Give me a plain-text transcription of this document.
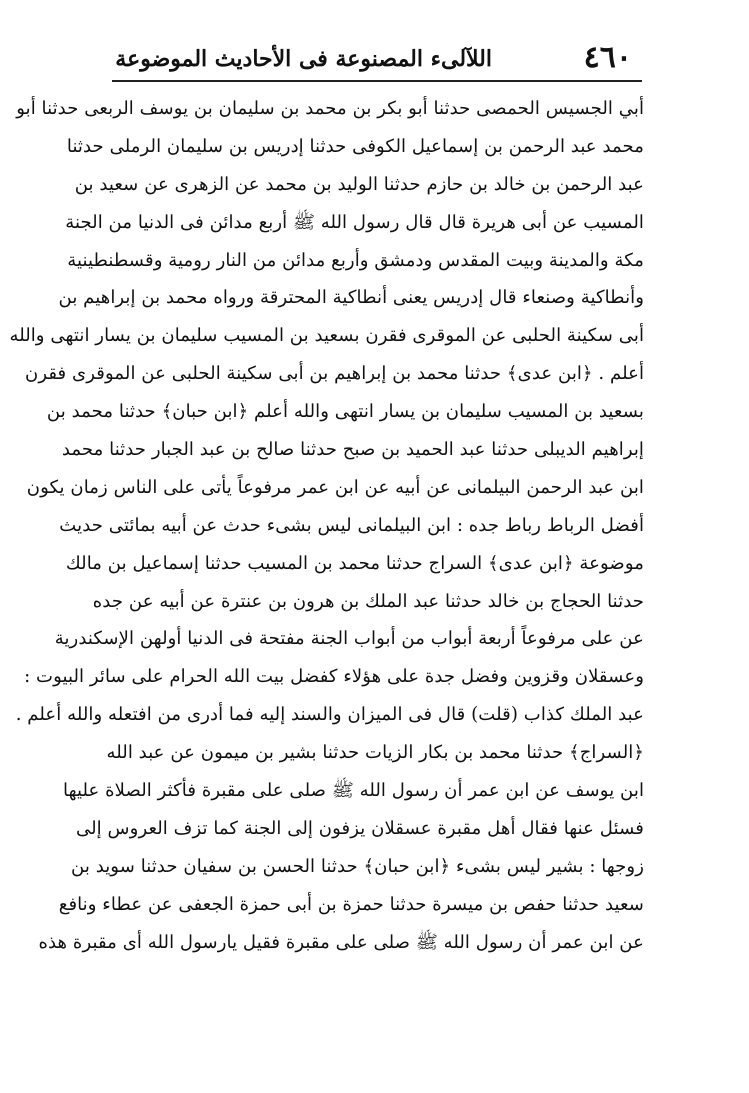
٤٦٠
اللآلىء المصنوعة فى الأحاديث الموضوعة
أبي الجسيس الحمصى حدثنا أبو بكر بن محمد بن سليمان بن يوسف الربعى حدثنا أبو
محمد عبد الرحمن بن إسماعيل الكوفى حدثنا إدريس بن سليمان الرملى حدثنا
عبد الرحمن بن خالد بن حازم حدثنا الوليد بن محمد عن الزهرى عن سعيد بن
المسيب عن أبى هريرة قال قال رسول الله ﷺ أربع مدائن فى الدنيا من الجنة
مكة والمدينة وبيت المقدس ودمشق وأربع مدائن من النار رومية وقسطنطينية
وأنطاكية وصنعاء قال إدريس يعنى أنطاكية المحترقة ورواه محمد بن إبراهيم بن
أبى سكينة الحلبى عن الموقرى فقرن بسعيد بن المسيب سليمان بن يسار انتهى والله
أعلم . ﴿ابن عدى﴾ حدثنا محمد بن إبراهيم بن أبى سكينة الحلبى عن الموقرى فقرن
بسعيد بن المسيب سليمان بن يسار انتهى والله أعلم ﴿ابن حبان﴾ حدثنا محمد بن
إبراهيم الديبلى حدثنا عبد الحميد بن صبح حدثنا صالح بن عبد الجبار حدثنا محمد
ابن عبد الرحمن البيلمانى عن أبيه عن ابن عمر مرفوعاً يأتى على الناس زمان يكون
أفضل الرباط رباط جده : ابن البيلمانى ليس بشىء حدث عن أبيه بمائتى حديث
موضوعة ﴿ابن عدى﴾ السراج حدثنا محمد بن المسيب حدثنا إسماعيل بن مالك
حدثنا الحجاج بن خالد حدثنا عبد الملك بن هرون بن عنترة عن أبيه عن جده
عن على مرفوعاً أربعة أبواب من أبواب الجنة مفتحة فى الدنيا أولهن الإسكندرية
وعسقلان وقزوين وفضل جدة على هؤلاء كفضل بيت الله الحرام على سائر البيوت :
عبد الملك كذاب (قلت) قال فى الميزان والسند إليه فما أدرى من افتعله والله أعلم .
﴿السراج﴾ حدثنا محمد بن بكار الزيات حدثنا بشير بن ميمون عن عبد الله
ابن يوسف عن ابن عمر أن رسول الله ﷺ صلى على مقبرة فأكثر الصلاة عليها
فسئل عنها فقال أهل مقبرة عسقلان يزفون إلى الجنة كما تزف العروس إلى
زوجها : بشير ليس بشىء ﴿ابن حبان﴾ حدثنا الحسن بن سفيان حدثنا سويد بن
سعيد حدثنا حفص بن ميسرة حدثنا حمزة بن أبى حمزة الجعفى عن عطاء ونافع
عن ابن عمر أن رسول الله ﷺ صلى على مقبرة فقيل يارسول الله أى مقبرة هذه
